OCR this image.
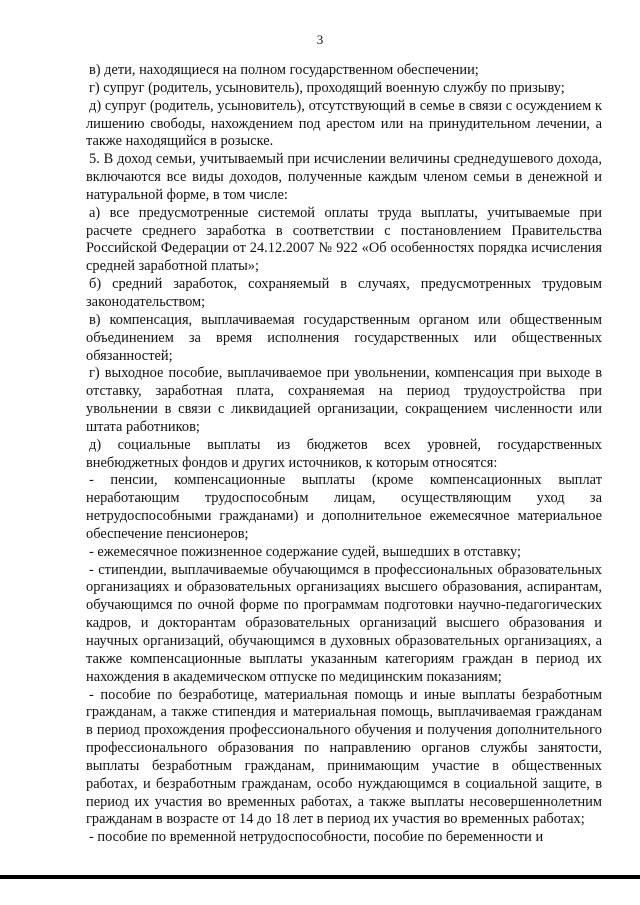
3

в) дети, находящиеся на полном государственном обеспечении;

г) супруг (родитель, усыновитель), проходящий военную службу по призыву;

д) супруг (родитель, усыновитель), отсутствующий в семье в связи с осуждением к лишению свободы, нахождением под арестом или на принудительном лечении, а также находящийся в розыске.

5. В доход семьи, учитываемый при исчислении величины среднедушевого дохода, включаются все виды доходов, полученные каждым членом семьи в денежной и натуральной форме, в том числе:

а) все предусмотренные системой оплаты труда выплаты, учитываемые при расчете среднего заработка в соответствии с постановлением Правительства Российской Федерации от 24.12.2007 № 922 «Об особенностях порядка исчисления средней заработной платы»;

б) средний заработок, сохраняемый в случаях, предусмотренных трудовым законодательством;

в) компенсация, выплачиваемая государственным органом или общественным объединением за время исполнения государственных или общественных обязанностей;

г) выходное пособие, выплачиваемое при увольнении, компенсация при выходе в отставку, заработная плата, сохраняемая на период трудоустройства при увольнении в связи с ликвидацией организации, сокращением численности или штата работников;

д) социальные выплаты из бюджетов всех уровней, государственных внебюджетных фондов и других источников, к которым относятся:

- пенсии, компенсационные выплаты (кроме компенсационных выплат неработающим трудоспособным лицам, осуществляющим уход за нетрудоспособными гражданами) и дополнительное ежемесячное материальное обеспечение пенсионеров;

- ежемесячное пожизненное содержание судей, вышедших в отставку;

- стипендии, выплачиваемые обучающимся в профессиональных образовательных организациях и образовательных организациях высшего образования, аспирантам, обучающимся по очной форме по программам подготовки научно-педагогических кадров, и докторантам образовательных организаций высшего образования и научных организаций, обучающимся в духовных образовательных организациях, а также компенсационные выплаты указанным категориям граждан в период их нахождения в академическом отпуске по медицинским показаниям;

- пособие по безработице, материальная помощь и иные выплаты безработным гражданам, а также стипендия и материальная помощь, выплачиваемая гражданам в период прохождения профессионального обучения и получения дополнительного профессионального образования по направлению органов службы занятости, выплаты безработным гражданам, принимающим участие в общественных работах, и безработным гражданам, особо нуждающимся в социальной защите, в период их участия во временных работах, а также выплаты несовершеннолетним гражданам в возрасте от 14 до 18 лет в период их участия во временных работах;

- пособие по временной нетрудоспособности, пособие по беременности и
